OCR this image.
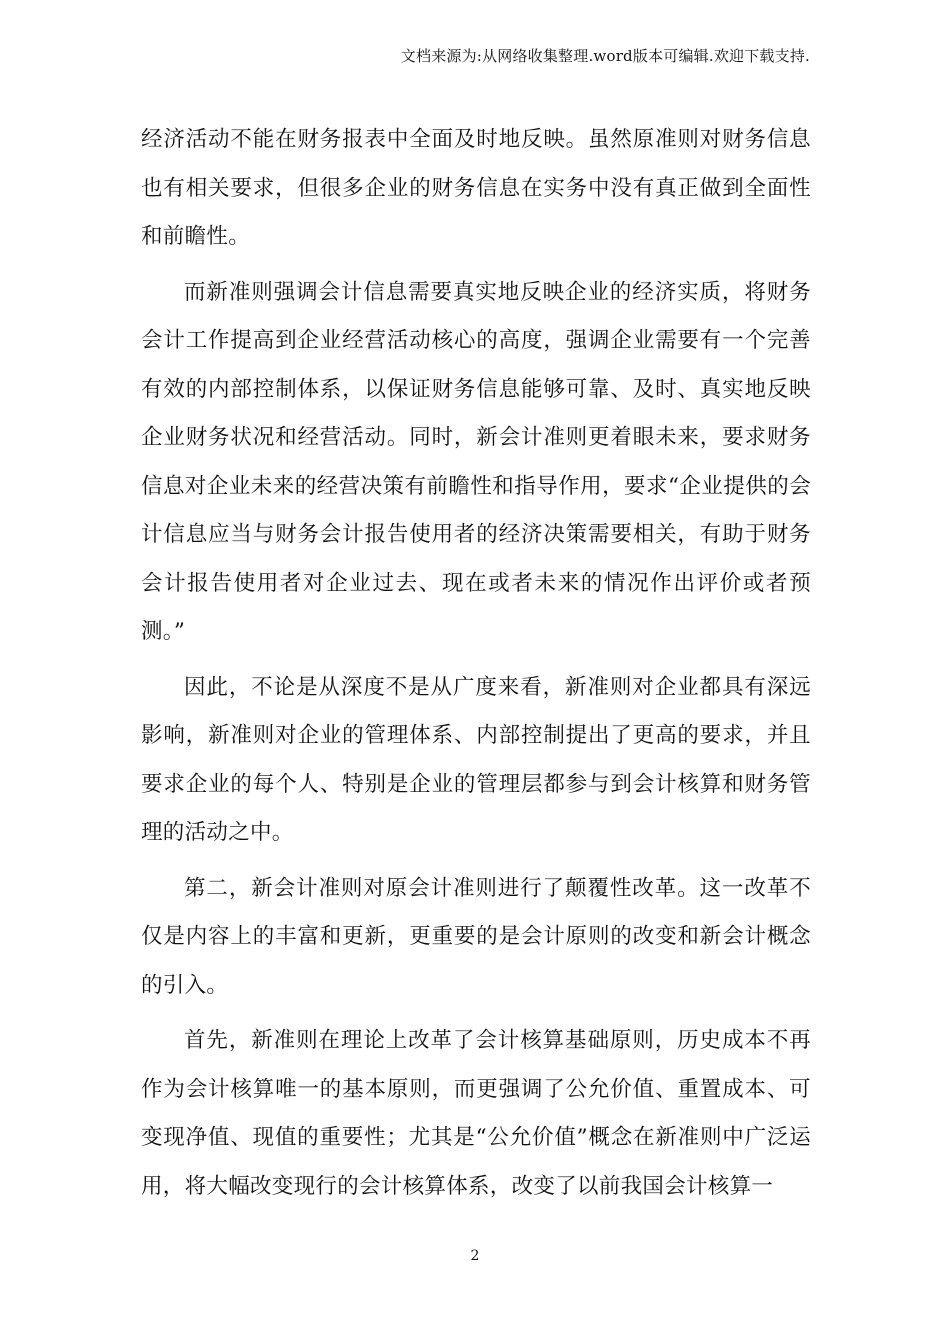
文档来源为:从网络收集整理.word版本可编辑.欢迎下载支持.

经济活动不能在财务报表中全面及时地反映。虽然原准则对财务信息也有相关要求，但很多企业的财务信息在实务中没有真正做到全面性和前瞻性。

而新准则强调会计信息需要真实地反映企业的经济实质，将财务会计工作提高到企业经营活动核心的高度，强调企业需要有一个完善有效的内部控制体系，以保证财务信息能够可靠、及时、真实地反映企业财务状况和经营活动。同时，新会计准则更着眼未来，要求财务信息对企业未来的经营决策有前瞻性和指导作用，要求“企业提供的会计信息应当与财务会计报告使用者的经济决策需要相关，有助于财务会计报告使用者对企业过去、现在或者未来的情况作出评价或者预测。”

因此，不论是从深度不是从广度来看，新准则对企业都具有深远影响，新准则对企业的管理体系、内部控制提出了更高的要求，并且要求企业的每个人、特别是企业的管理层都参与到会计核算和财务管理的活动之中。

第二，新会计准则对原会计准则进行了颠覆性改革。这一改革不仅是内容上的丰富和更新，更重要的是会计原则的改变和新会计概念的引入。

首先，新准则在理论上改革了会计核算基础原则，历史成本不再作为会计核算唯一的基本原则，而更强调了公允价值、重置成本、可变现净值、现值的重要性；尤其是“公允价值”概念在新准则中广泛运用，将大幅改变现行的会计核算体系，改变了以前我国会计核算一

2
